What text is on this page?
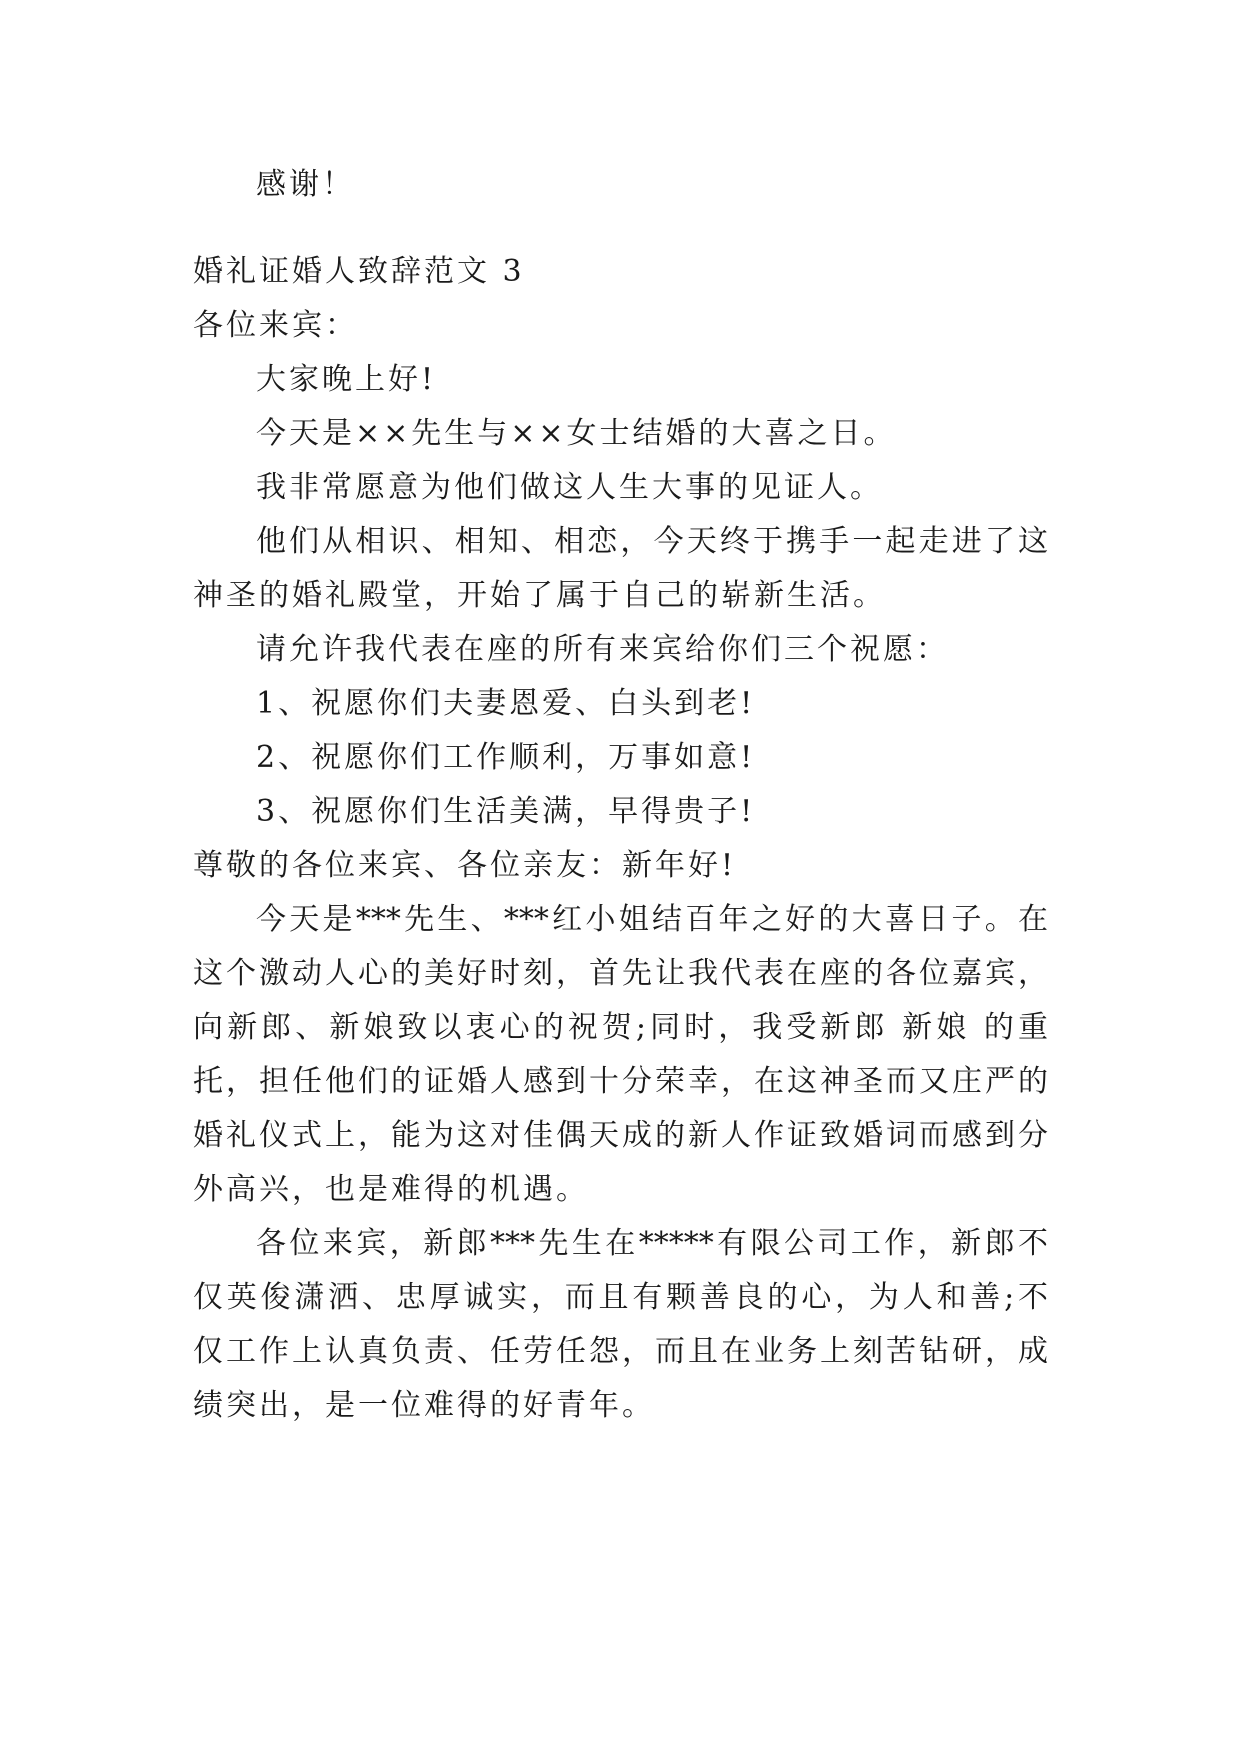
感谢！
婚礼证婚人致辞范文 3
各位来宾：
大家晚上好!
今天是××先生与××女士结婚的大喜之日。
我非常愿意为他们做这人生大事的见证人。
他们从相识、相知、相恋，今天终于携手一起走进了这
神圣的婚礼殿堂，开始了属于自己的崭新生活。
请允许我代表在座的所有来宾给你们三个祝愿：
1、祝愿你们夫妻恩爱、白头到老!
2、祝愿你们工作顺利，万事如意!
3、祝愿你们生活美满，早得贵子!
尊敬的各位来宾、各位亲友：新年好!
今天是***先生、***红小姐结百年之好的大喜日子。在
这个激动人心的美好时刻，首先让我代表在座的各位嘉宾，
向新郎、新娘致以衷心的祝贺;同时，我受新郎 新娘 的重
托，担任他们的证婚人感到十分荣幸，在这神圣而又庄严的
婚礼仪式上，能为这对佳偶天成的新人作证致婚词而感到分
外高兴，也是难得的机遇。
各位来宾，新郎***先生在*****有限公司工作，新郎不
仅英俊潇洒、忠厚诚实，而且有颗善良的心，为人和善;不
仅工作上认真负责、任劳任怨，而且在业务上刻苦钻研，成
绩突出，是一位难得的好青年。
